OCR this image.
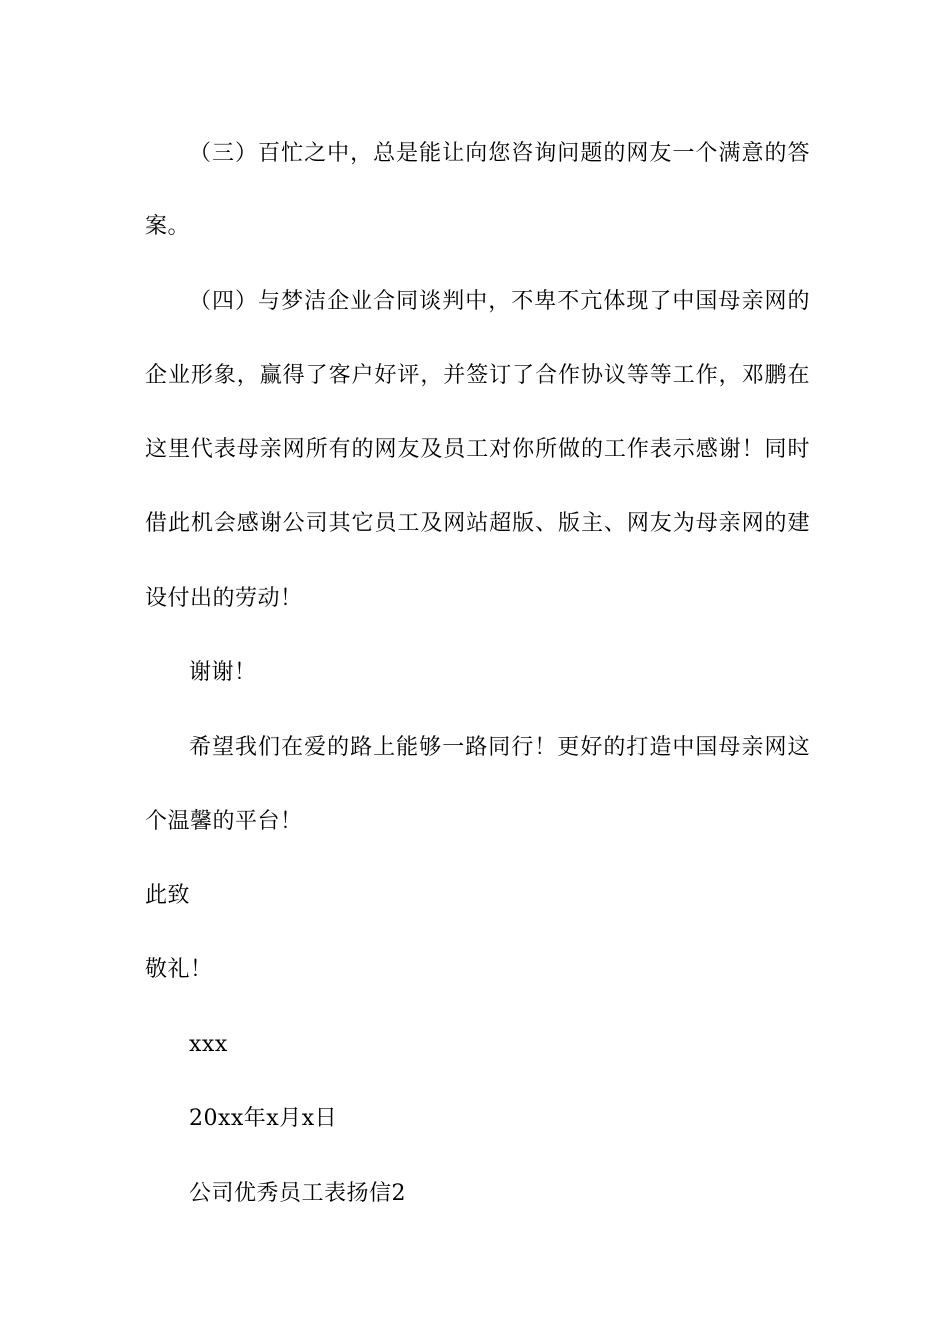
（三）百忙之中，总是能让向您咨询问题的网友一个满意的答
案。
（四）与梦洁企业合同谈判中，不卑不亢体现了中国母亲网的
企业形象，赢得了客户好评，并签订了合作协议等等工作，邓鹏在
这里代表母亲网所有的网友及员工对你所做的工作表示感谢！同时
借此机会感谢公司其它员工及网站超版、版主、网友为母亲网的建
设付出的劳动！
谢谢！
希望我们在爱的路上能够一路同行！更好的打造中国母亲网这
个温馨的平台！
此致
敬礼！
xxx
20xx年x月x日
公司优秀员工表扬信2
